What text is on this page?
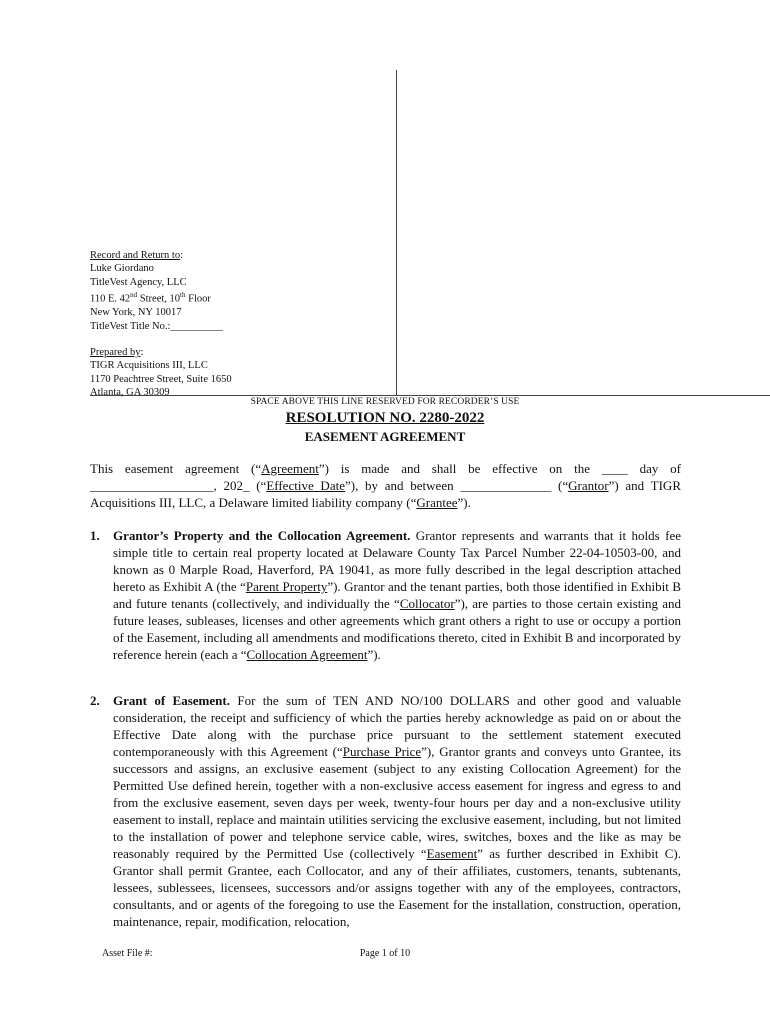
Record and Return to:
Luke Giordano
TitleVest Agency, LLC
110 E. 42nd Street, 10th Floor
New York, NY 10017
TitleVest Title No.:__________
Prepared by:
TIGR Acquisitions III, LLC
1170 Peachtree Street, Suite 1650
Atlanta, GA 30309
SPACE ABOVE THIS LINE RESERVED FOR RECORDER’S USE
RESOLUTION NO. 2280-2022
EASEMENT AGREEMENT
This easement agreement (“Agreement”) is made and shall be effective on the ____ day of ___________________, 202_ (“Effective Date”), by and between ______________ (“Grantor”) and TIGR Acquisitions III, LLC, a Delaware limited liability company (“Grantee”).
1. Grantor’s Property and the Collocation Agreement. Grantor represents and warrants that it holds fee simple title to certain real property located at Delaware County Tax Parcel Number 22-04-10503-00, and known as 0 Marple Road, Haverford, PA 19041, as more fully described in the legal description attached hereto as Exhibit A (the “Parent Property”). Grantor and the tenant parties, both those identified in Exhibit B and future tenants (collectively, and individually the “Collocator”), are parties to those certain existing and future leases, subleases, licenses and other agreements which grant others a right to use or occupy a portion of the Easement, including all amendments and modifications thereto, cited in Exhibit B and incorporated by reference herein (each a “Collocation Agreement”).
2. Grant of Easement. For the sum of TEN AND NO/100 DOLLARS and other good and valuable consideration, the receipt and sufficiency of which the parties hereby acknowledge as paid on or about the Effective Date along with the purchase price pursuant to the settlement statement executed contemporaneously with this Agreement (“Purchase Price”), Grantor grants and conveys unto Grantee, its successors and assigns, an exclusive easement (subject to any existing Collocation Agreement) for the Permitted Use defined herein, together with a non-exclusive access easement for ingress and egress to and from the exclusive easement, seven days per week, twenty-four hours per day and a non-exclusive utility easement to install, replace and maintain utilities servicing the exclusive easement, including, but not limited to the installation of power and telephone service cable, wires, switches, boxes and the like as may be reasonably required by the Permitted Use (collectively “Easement” as further described in Exhibit C). Grantor shall permit Grantee, each Collocator, and any of their affiliates, customers, tenants, subtenants, lessees, sublessees, licensees, successors and/or assigns together with any of the employees, contractors, consultants, and or agents of the foregoing to use the Easement for the installation, construction, operation, maintenance, repair, modification, relocation,
Asset File #:	Page 1 of 10
